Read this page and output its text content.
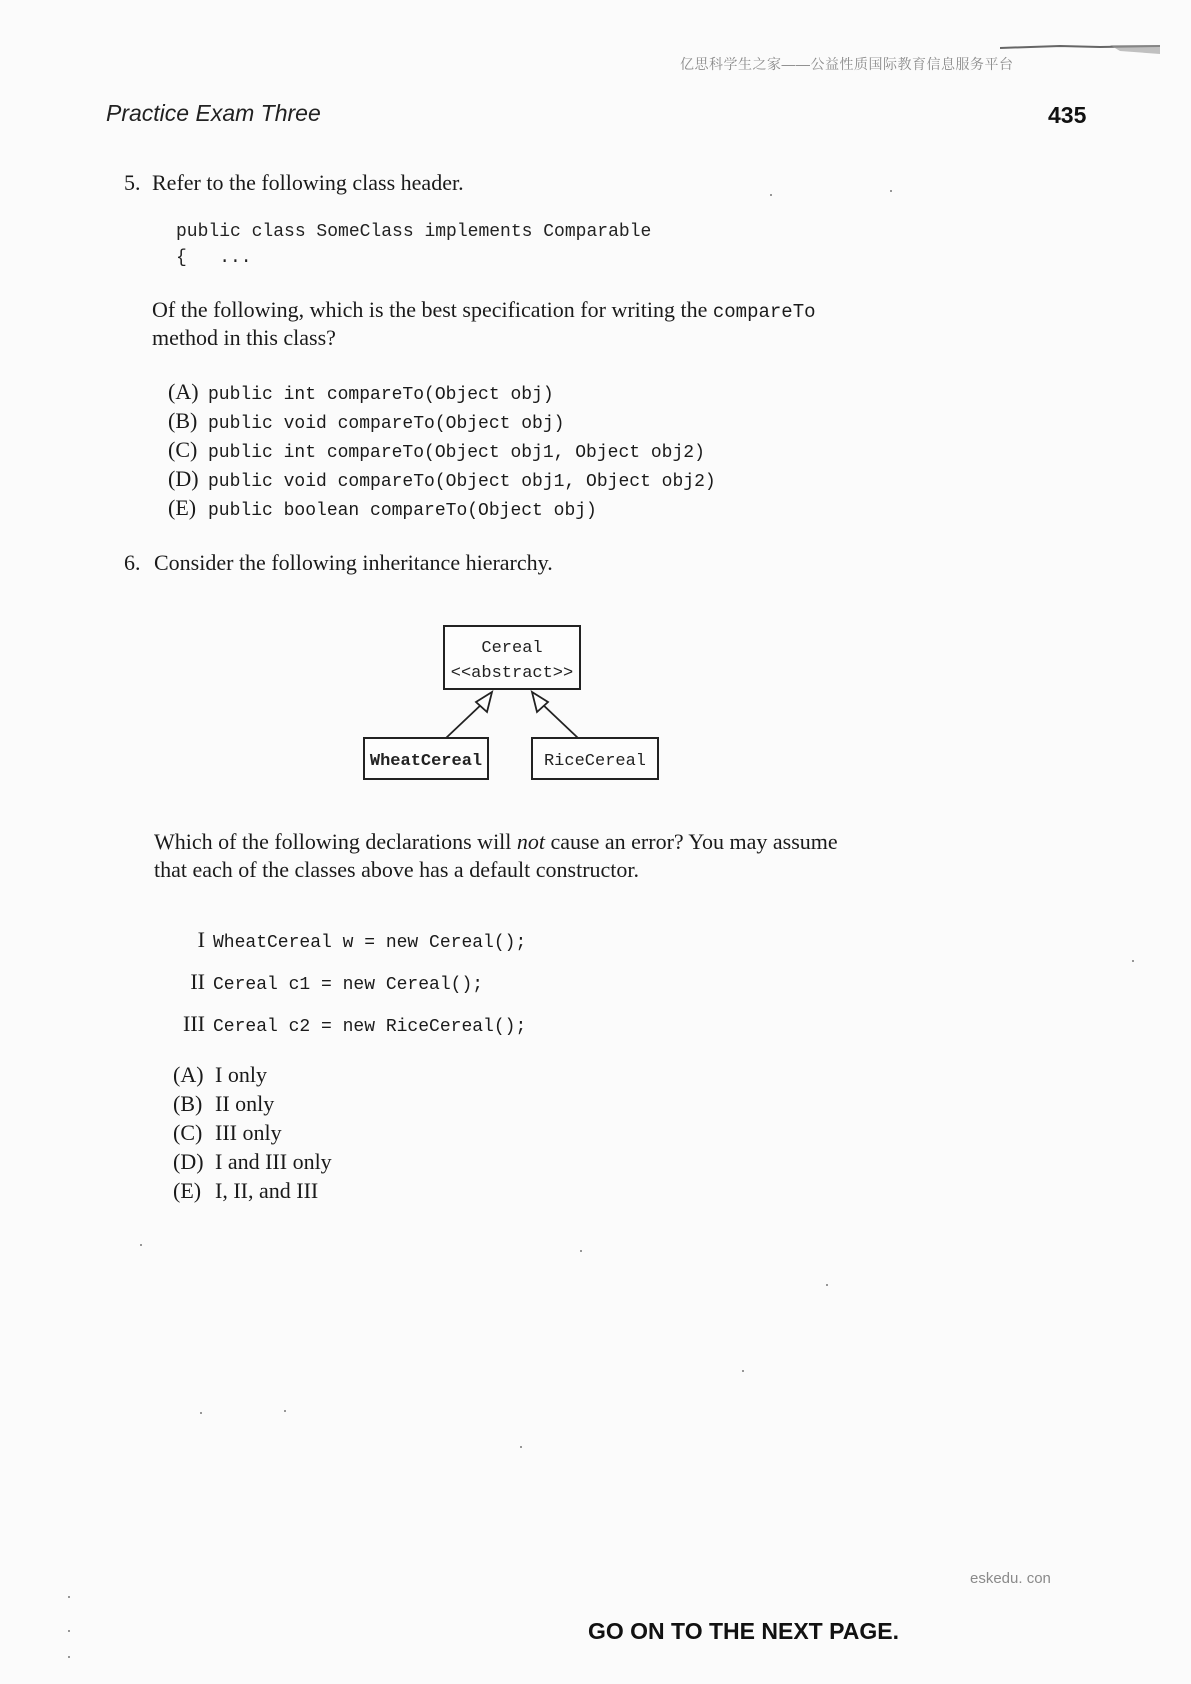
亿思科学生之家——公益性质国际教育信息服务平台
Practice Exam Three	435
5. Refer to the following class header.
public class SomeClass implements Comparable
{   ...
Of the following, which is the best specification for writing the compareTo
method in this class?

(A) public int compareTo(Object obj)

(B) public void compareTo(Object obj)

(C) public int compareTo(Object obj1, Object obj2)

(D) public void compareTo(Object obj1, Object obj2)

(E) public boolean compareTo(Object obj)

6. Consider the following inheritance hierarchy.
Cereal
<<abstract>>
WheatCereal	RiceCereal
Which of the following declarations will not cause an error? You may assume
that each of the classes above has a default constructor.

I WheatCereal w = new Cereal();

II Cereal c1 = new Cereal();

III Cereal c2 = new RiceCereal();

(A) I only

(B) II only

(C) III only

(D) I and III only

(E) I, II, and III

eskedu. con
GO ON TO THE NEXT PAGE.
